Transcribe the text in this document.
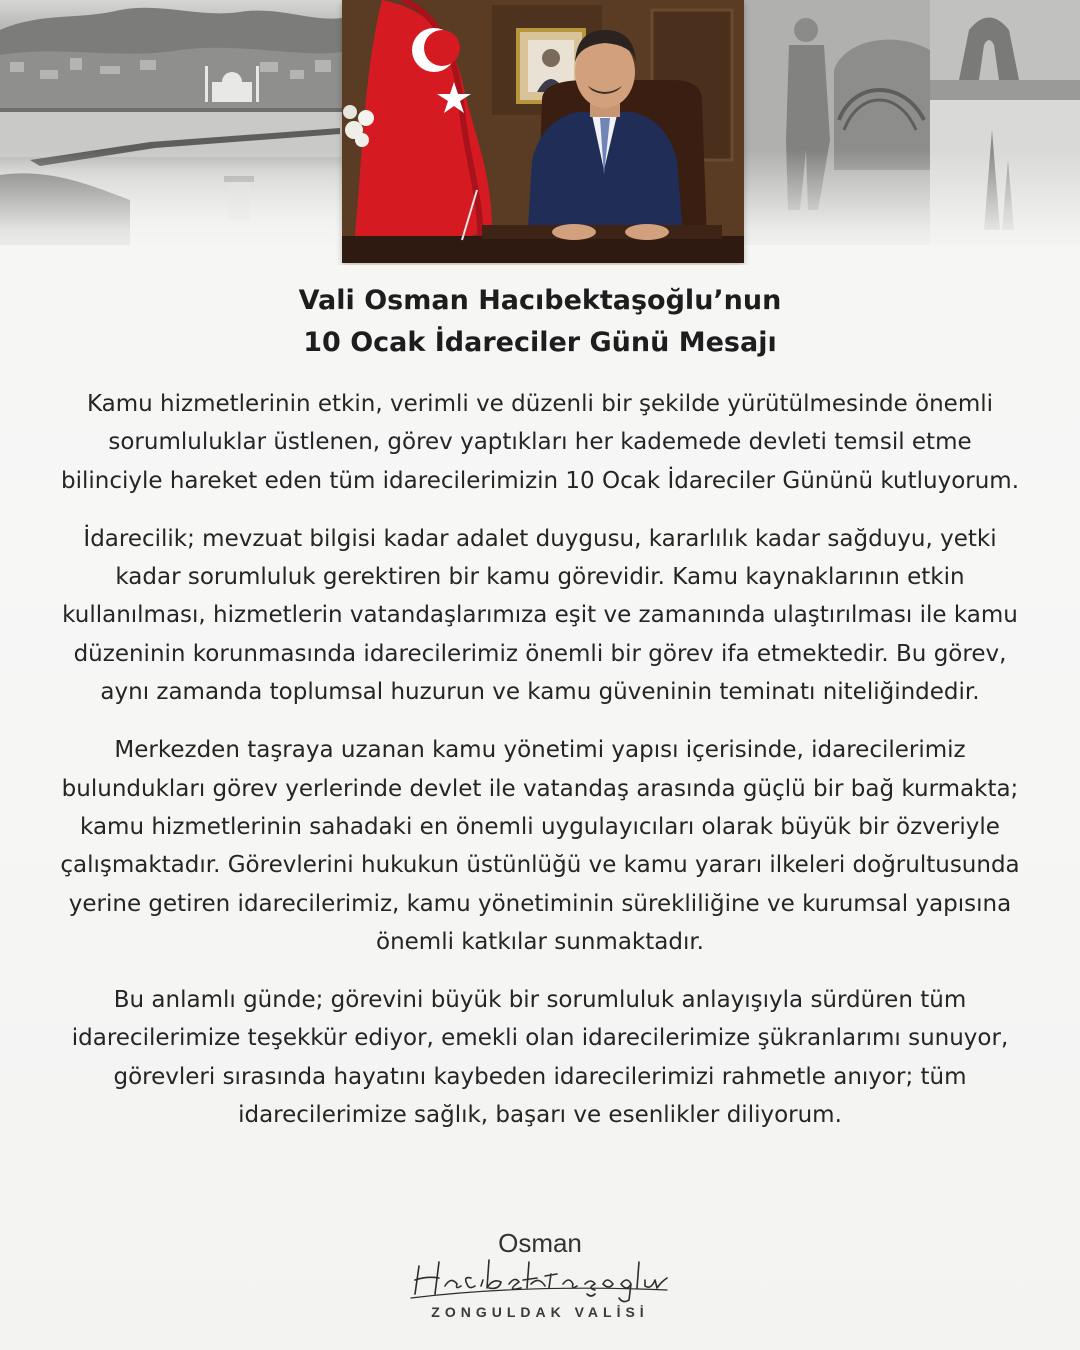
Vali Osman Hacıbektaşoğlu’nun
10 Ocak İdareciler Günü Mesajı

Kamu hizmetlerinin etkin, verimli ve düzenli bir şekilde yürütülmesinde önemli sorumluluklar üstlenen, görev yaptıkları her kademede devleti temsil etme bilinciyle hareket eden tüm idarecilerimizin 10 Ocak İdareciler Gününü kutluyorum.

İdarecilik; mevzuat bilgisi kadar adalet duygusu, kararlılık kadar sağduyu, yetki kadar sorumluluk gerektiren bir kamu görevidir. Kamu kaynaklarının etkin kullanılması, hizmetlerin vatandaşlarımıza eşit ve zamanında ulaştırılması ile kamu düzeninin korunmasında idarecilerimiz önemli bir görev ifa etmektedir. Bu görev, aynı zamanda toplumsal huzurun ve kamu güveninin teminatı niteliğindedir.

Merkezden taşraya uzanan kamu yönetimi yapısı içerisinde, idarecilerimiz bulundukları görev yerlerinde devlet ile vatandaş arasında güçlü bir bağ kurmakta; kamu hizmetlerinin sahadaki en önemli uygulayıcıları olarak büyük bir özveriyle çalışmaktadır. Görevlerini hukukun üstünlüğü ve kamu yararı ilkeleri doğrultusunda yerine getiren idarecilerimiz, kamu yönetiminin sürekliliğine ve kurumsal yapısına önemli katkılar sunmaktadır.

Bu anlamlı günde; görevini büyük bir sorumluluk anlayışıyla sürdüren tüm idarecilerimize teşekkür ediyor, emekli olan idarecilerimize şükranlarımı sunuyor, görevleri sırasında hayatını kaybeden idarecilerimizi rahmetle anıyor; tüm idarecilerimize sağlık, başarı ve esenlikler diliyorum.

Osman
ZONGULDAK VALİSİ
